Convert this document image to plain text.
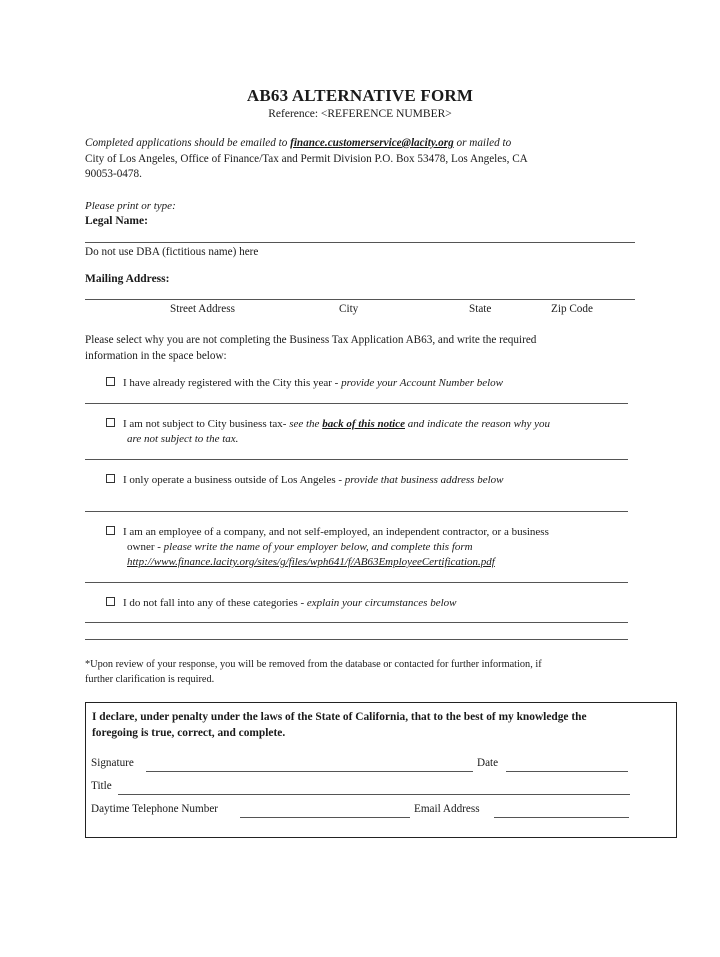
AB63 ALTERNATIVE FORM
Reference: <REFERENCE NUMBER>
Completed applications should be emailed to finance.customerservice@lacity.org or mailed to
City of Los Angeles, Office of Finance/Tax and Permit Division P.O. Box 53478, Los Angeles, CA
90053-0478.
Please print or type:
Legal Name:
Do not use DBA (fictitious name) here
Mailing Address:
Street Address	City	State	Zip Code
Please select why you are not completing the Business Tax Application AB63, and write the required
information in the space below:
I have already registered with the City this year - provide your Account Number below
I am not subject to City business tax- see the back of this notice and indicate the reason why you
are not subject to the tax.
I only operate a business outside of Los Angeles - provide that business address below
I am an employee of a company, and not self-employed, an independent contractor, or a business
owner - please write the name of your employer below, and complete this form
http://www.finance.lacity.org/sites/g/files/wph641/f/AB63EmployeeCertification.pdf
I do not fall into any of these categories - explain your circumstances below
*Upon review of your response, you will be removed from the database or contacted for further information, if
further clarification is required.
I declare, under penalty under the laws of the State of California, that to the best of my knowledge the
foregoing is true, correct, and complete.
Signature	Date
Title
Daytime Telephone Number	Email Address
